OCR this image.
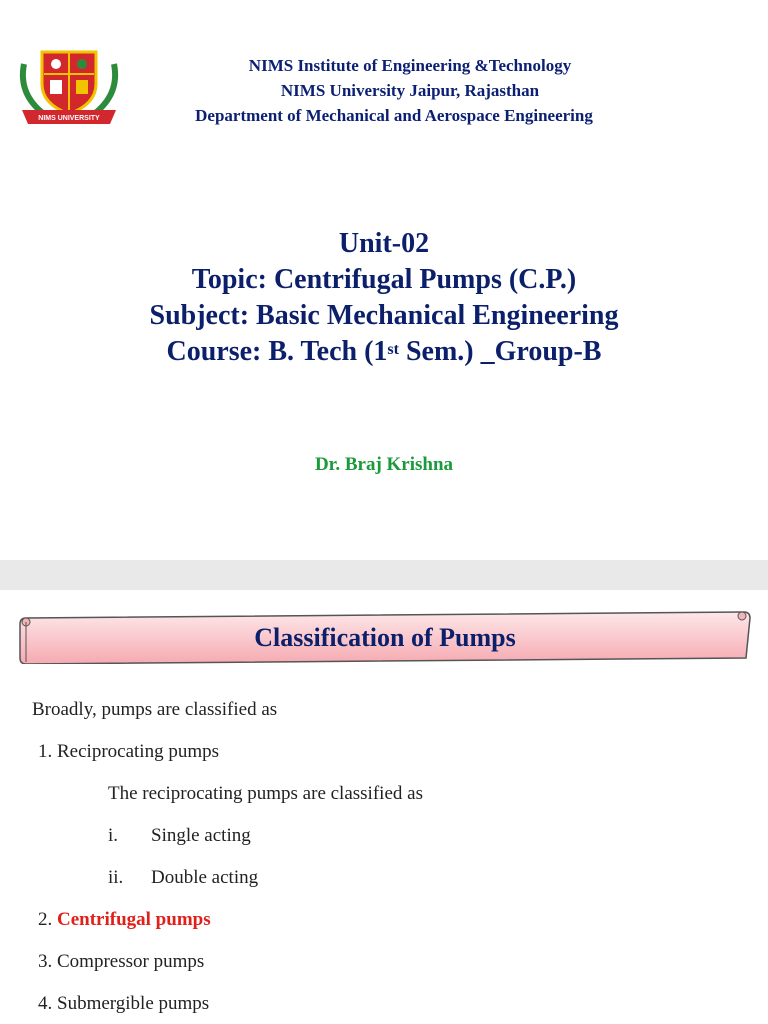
NIMS UNIVERSITY
NIMS Institute of Engineering &Technology
NIMS University Jaipur, Rajasthan
Department of Mechanical and Aerospace Engineering
Unit-02
Topic: Centrifugal Pumps (C.P.)
Subject: Basic Mechanical Engineering
Course: B. Tech (1st Sem.) _Group-B
Dr. Braj Krishna
Classification of Pumps
Broadly, pumps are classified as
1. Reciprocating pumps
The reciprocating pumps are classified as
i. Single acting
ii. Double acting
2. Centrifugal pumps
3. Compressor pumps
4. Submergible pumps
